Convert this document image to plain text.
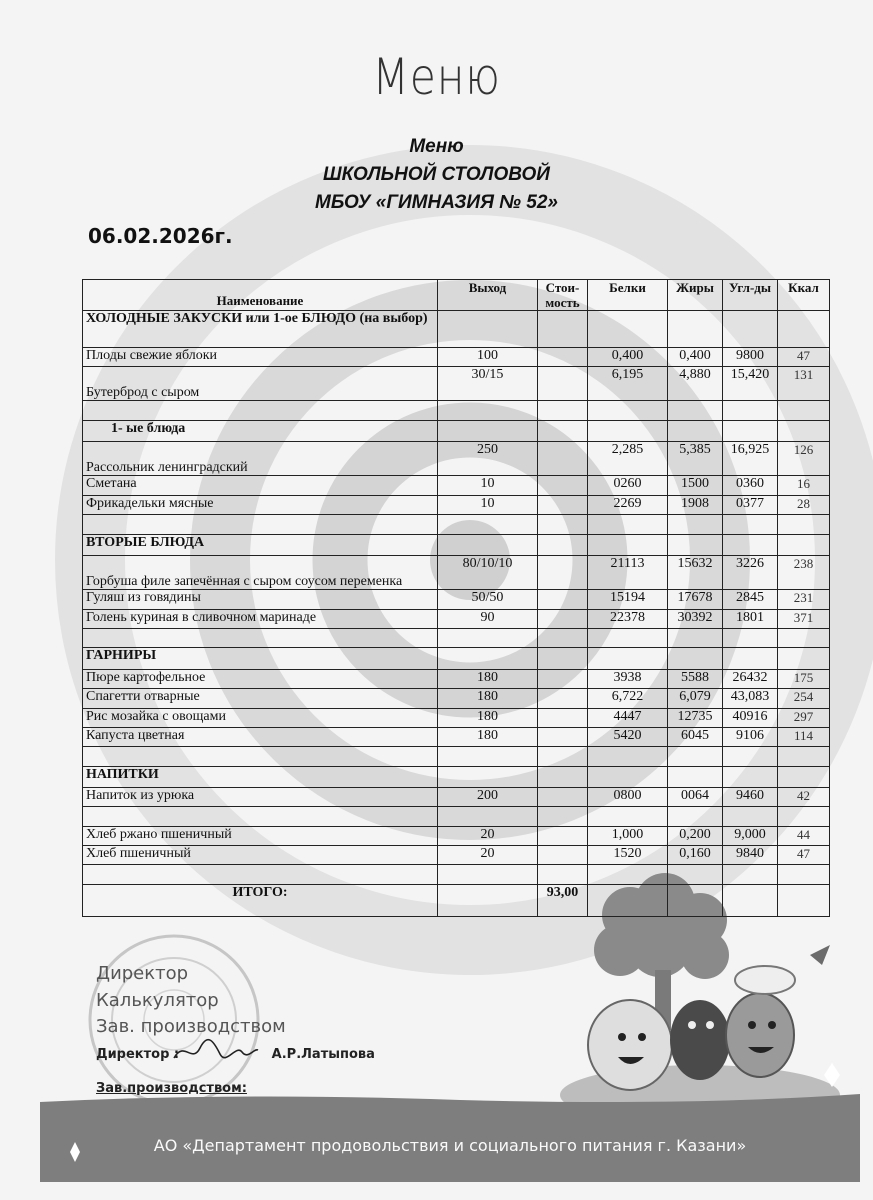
Меню
Меню
ШКОЛЬНОЙ СТОЛОВОЙ
МБОУ «ГИМНАЗИЯ № 52»
06.02.2026г.
Наименование	Выход	Стои-мость	Белки	Жиры	Угл-ды	Ккал
ХОЛОДНЫЕ ЗАКУСКИ или 1-ое БЛЮДО (на выбор)						
Плоды свежие яблоки	100		0,400	0,400	9800	47
Бутерброд с сыром	30/15		6,195	4,880	15,420	131

1- ые блюда						
Рассольник ленинградский	250		2,285	5,385	16,925	126
Сметана	10		0260	1500	0360	16
Фрикадельки мясные	10		2269	1908	0377	28

ВТОРЫЕ БЛЮДА						
Горбуша филе запечённая с сыром соусом переменка	80/10/10		21113	15632	3226	238
Гуляш из говядины	50/50		15194	17678	2845	231
Голень куриная в сливочном маринаде	90		22378	30392	1801	371

ГАРНИРЫ						
Пюре картофельное	180		3938	5588	26432	175
Спагетти отварные	180		6,722	6,079	43,083	254
Рис мозайка с овощами	180		4447	12735	40916	297
Капуста цветная	180		5420	6045	9106	114

НАПИТКИ						
Напиток из урюка	200		0800	0064	9460	42

Хлеб ржано пшеничный	20		1,000	0,200	9,000	44
Хлеб пшеничный	20		1520	0,160	9840	47

ИТОГО:		93,00				
АО «Департамент продовольствия и социального питания г. Казани»
Директор
Калькулятор
Зав. производством
Директор :	А.Р.Латыпова
Зав.производством:
